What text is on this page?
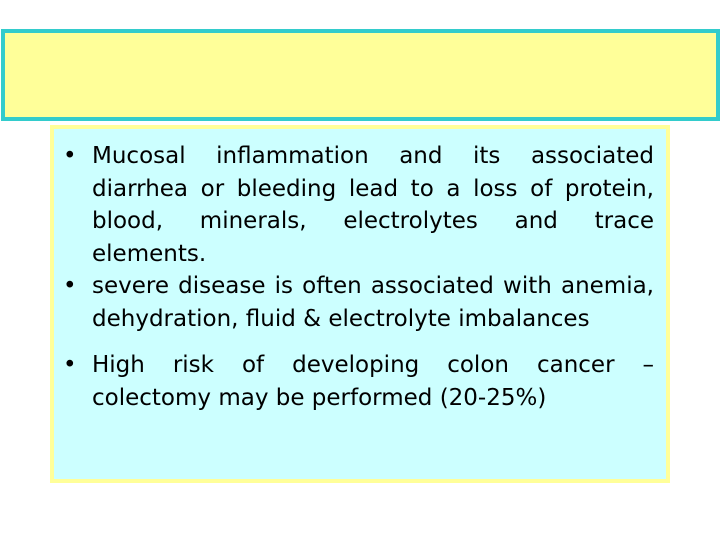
• Mucosal inflammation and its associated diarrhea or bleeding lead to a loss of protein, blood, minerals, electrolytes and trace elements.
• severe disease is often associated with anemia, dehydration, fluid & electrolyte imbalances
• High risk of developing colon cancer – colectomy may be performed (20-25%)
